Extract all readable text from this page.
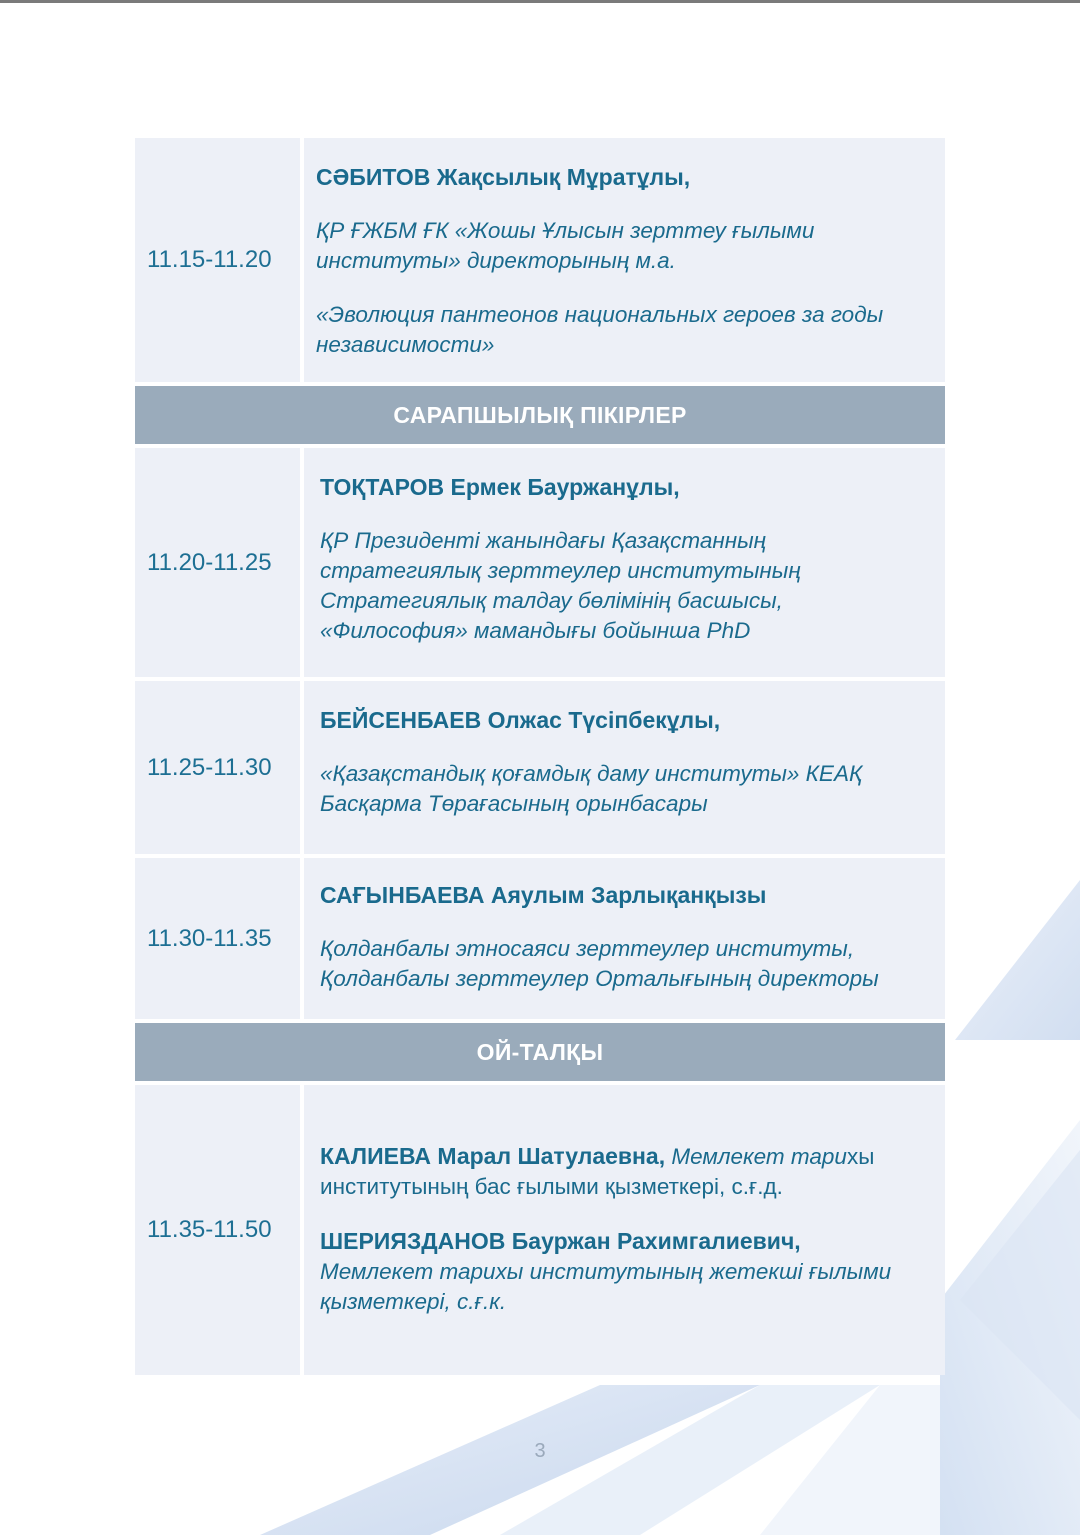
11.15-11.20

СӘБИТОВ Жақсылық Мұратұлы,

ҚР ҒЖБМ ҒК «Жошы Ұлысын зерттеу ғылыми институты» директорының м.а.

«Эволюция пантеонов национальных героев за годы независимости»

САРАПШЫЛЫҚ ПІКІРЛЕР
11.20-11.25

ТОҚТАРОВ Ермек Бауржанұлы,

ҚР Президенті жанындағы Қазақстанның стратегиялық зерттеулер институтының Стратегиялық талдау бөлімінің басшысы, «Философия» мамандығы бойынша PhD

11.25-11.30

БЕЙСЕНБАЕВ Олжас Түсіпбекұлы,

«Қазақстандық қоғамдық даму институты» КЕАҚ Басқарма Төрағасының орынбасары

11.30-11.35

САҒЫНБАЕВА Аяулым Зарлықанқызы

Қолданбалы этносаяси зерттеулер институты, Қолданбалы зерттеулер Орталығының директоры

ОЙ-ТАЛҚЫ
11.35-11.50

КАЛИЕВА Марал Шатулаевна, Мемлекет тарихы институтының бас ғылыми қызметкері, с.ғ.д.

ШЕРИЯЗДАНОВ Бауржан Рахимгалиевич,
Мемлекет тарихы институтының жетекші ғылыми қызметкері, с.ғ.к.

3
